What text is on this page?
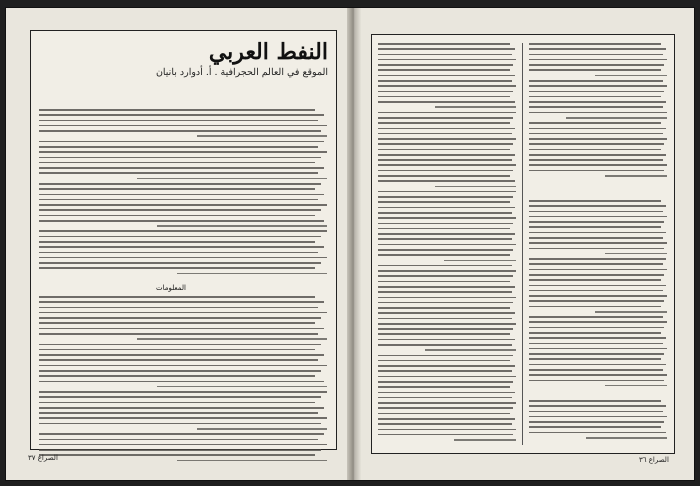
النفط العربي
الموقع في العالم الحجرافية . أ. أدوارد بانيان
المعلومات
الصراع ٣٧	الصراع ٣٦
